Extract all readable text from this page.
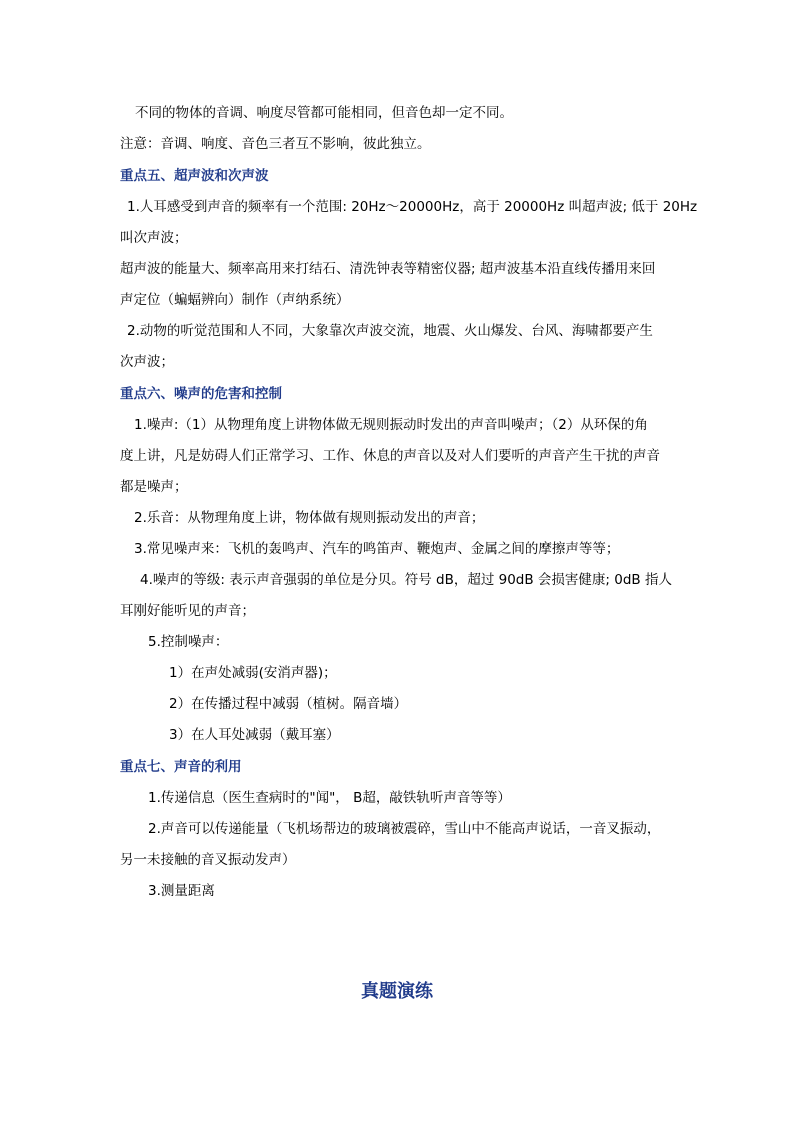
不同的物体的音调、响度尽管都可能相同，但音色却一定不同。
注意：音调、响度、音色三者互不影响，彼此独立。
重点五、超声波和次声波
1.人耳感受到声音的频率有一个范围: 20Hz～20000Hz，高于 20000Hz 叫超声波; 低于 20Hz
叫次声波；
超声波的能量大、频率高用来打结石、清洗钟表等精密仪器; 超声波基本沿直线传播用来回
声定位（蝙蝠辨向）制作（声纳系统）
2.动物的听觉范围和人不同，大象靠次声波交流，地震、火山爆发、台风、海啸都要产生
次声波；
重点六、噪声的危害和控制
1.噪声:（1）从物理角度上讲物体做无规则振动时发出的声音叫噪声；（2）从环保的角
度上讲，凡是妨碍人们正常学习、工作、休息的声音以及对人们要听的声音产生干扰的声音
都是噪声；
2.乐音：从物理角度上讲，物体做有规则振动发出的声音；
3.常见噪声来：飞机的轰鸣声、汽车的鸣笛声、鞭炮声、金属之间的摩擦声等等；
4.噪声的等级: 表示声音强弱的单位是分贝。符号 dB，超过 90dB 会损害健康; 0dB 指人
耳刚好能听见的声音；
5.控制噪声：
1）在声处减弱(安消声器)；
2）在传播过程中减弱（植树。隔音墙）
3）在人耳处减弱（戴耳塞）
重点七、声音的利用
1.传递信息（医生查病时的"闻"， B超，敲铁轨听声音等等）
2.声音可以传递能量（飞机场帮边的玻璃被震碎，雪山中不能高声说话，一音叉振动，
另一未接触的音叉振动发声）
3.测量距离
真题演练
